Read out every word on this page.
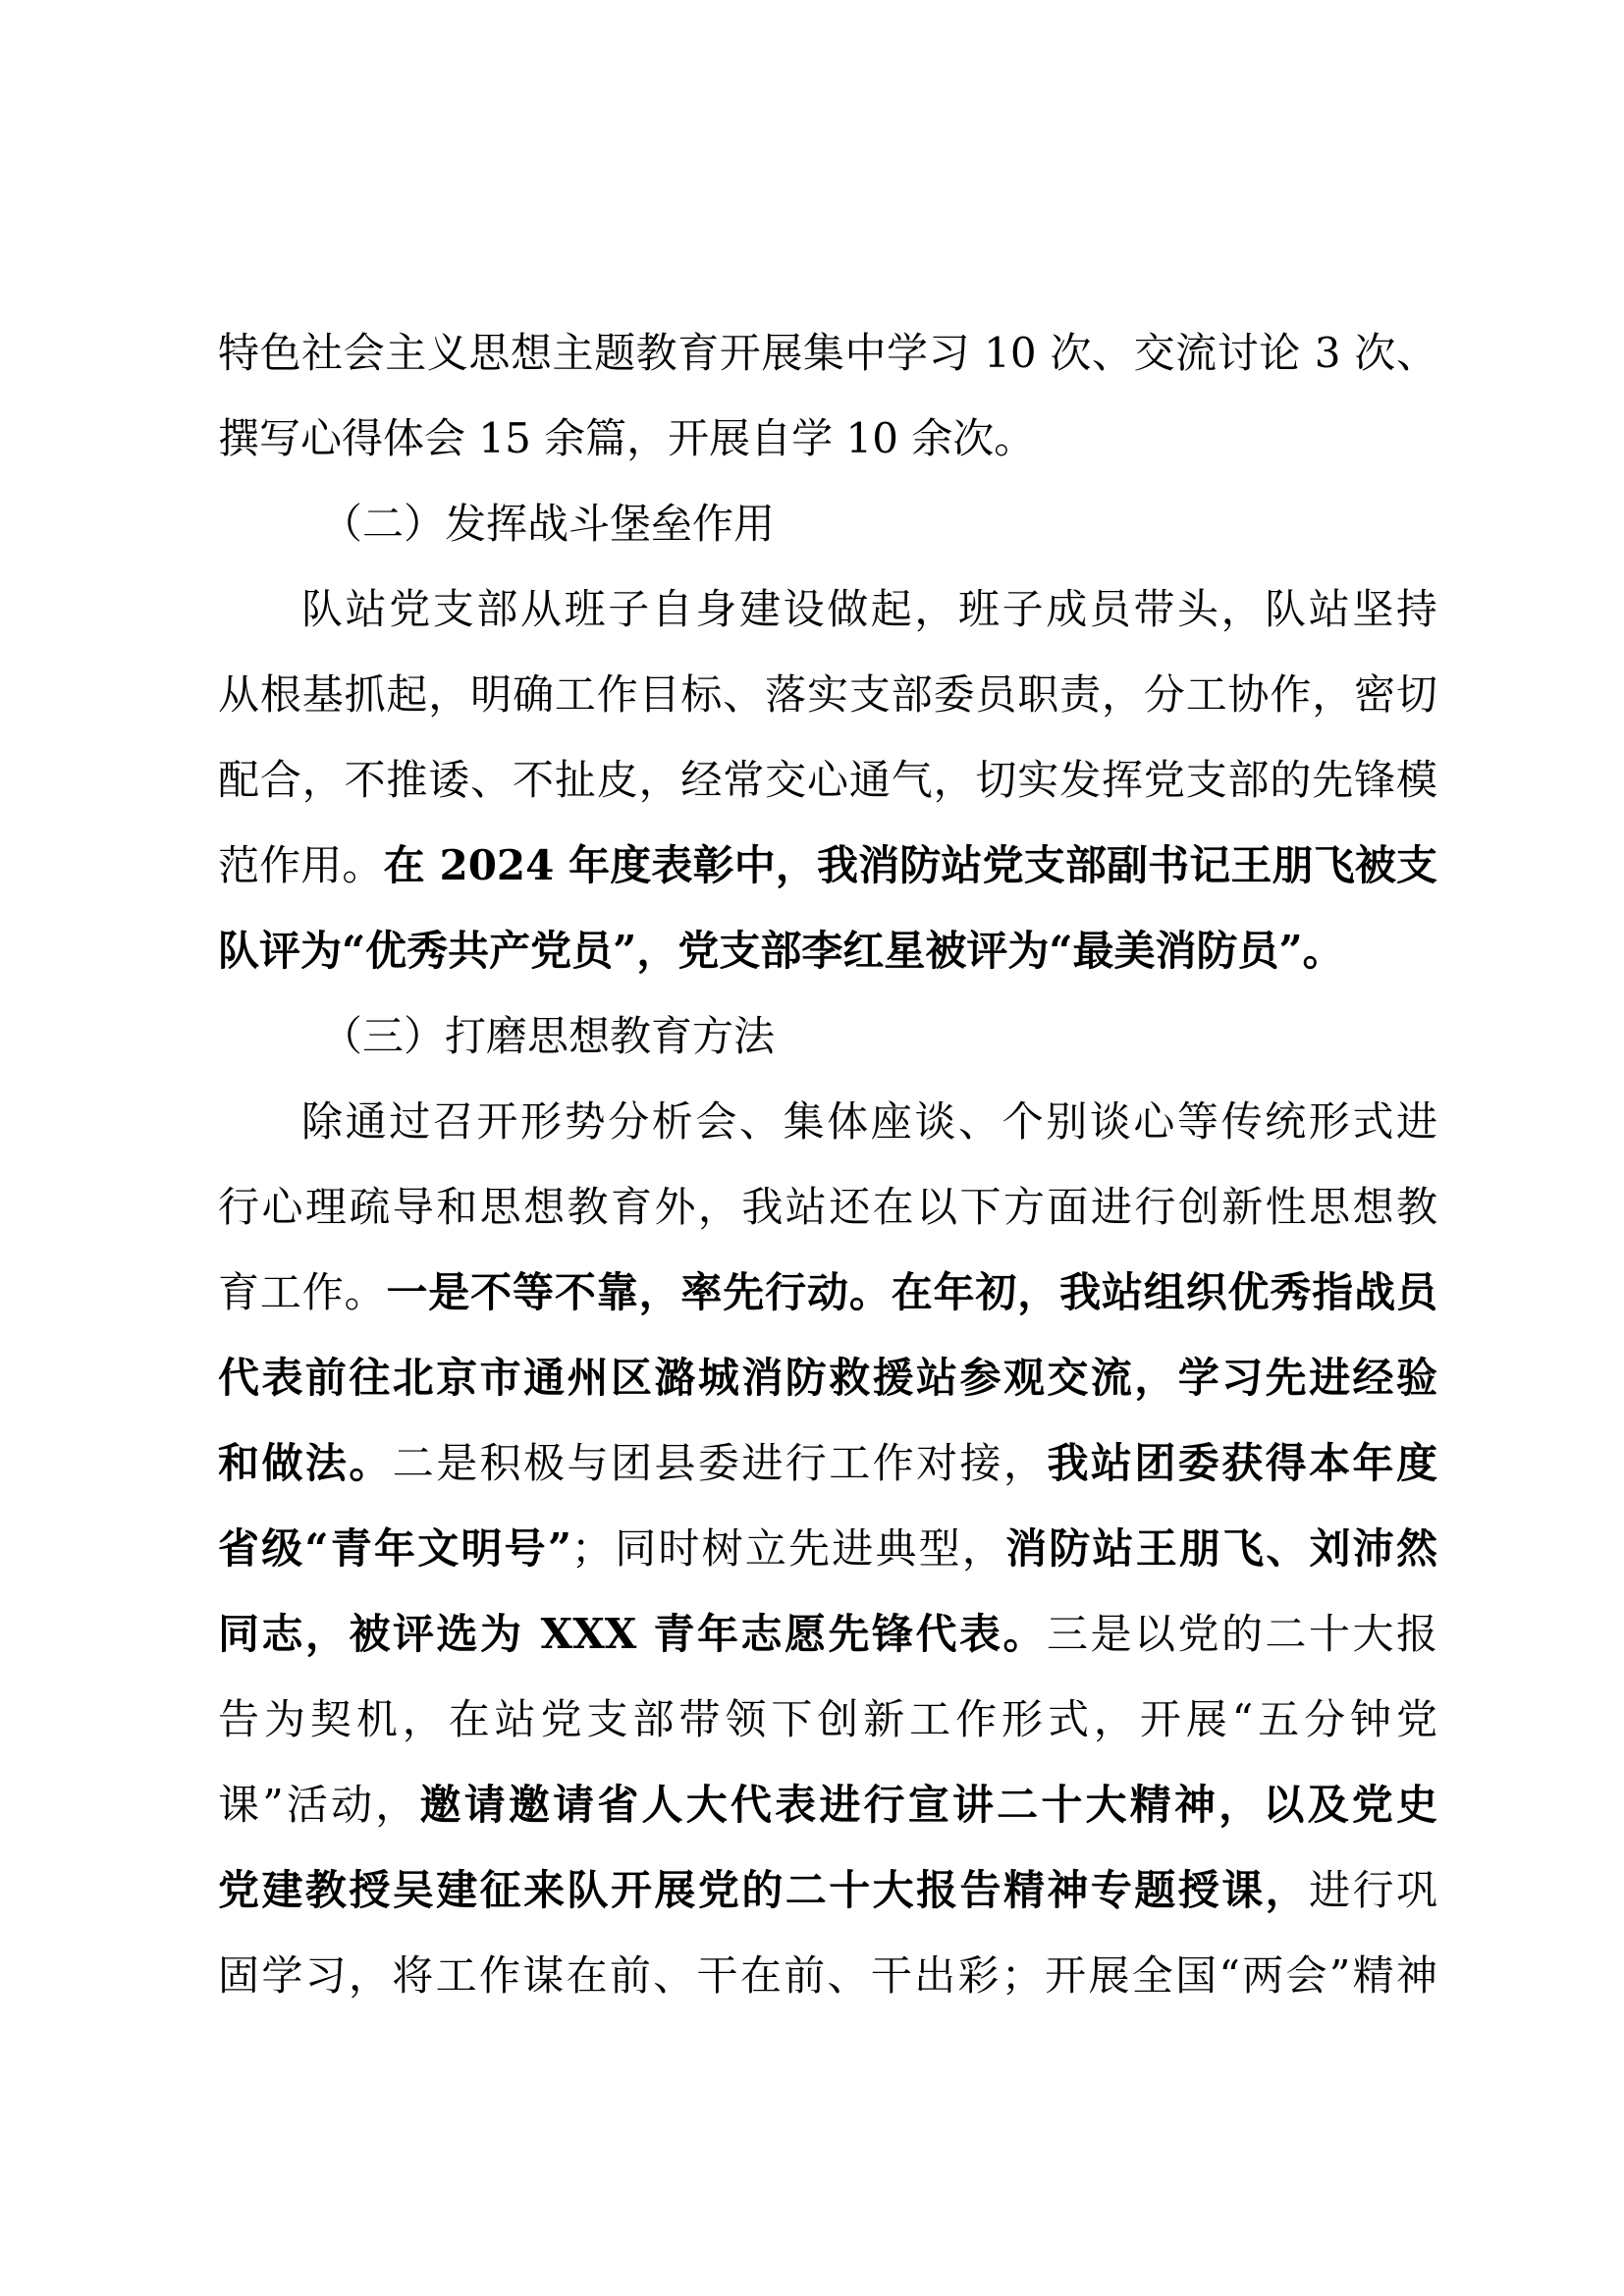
特色社会主义思想主题教育开展集中学习 10 次、交流讨论 3 次、
撰写心得体会 15 余篇，开展自学 10 余次。
（二）发挥战斗堡垒作用
队站党支部从班子自身建设做起，班子成员带头，队站坚持
从根基抓起，明确工作目标、落实支部委员职责，分工协作，密切
配合，不推诿、不扯皮，经常交心通气，切实发挥党支部的先锋模
范作用。在 2024 年度表彰中，我消防站党支部副书记王朋飞被支
队评为“优秀共产党员”，党支部李红星被评为“最美消防员”。
（三）打磨思想教育方法
除通过召开形势分析会、集体座谈、个别谈心等传统形式进
行心理疏导和思想教育外，我站还在以下方面进行创新性思想教
育工作。一是不等不靠，率先行动。在年初，我站组织优秀指战员
代表前往北京市通州区潞城消防救援站参观交流，学习先进经验
和做法。二是积极与团县委进行工作对接，我站团委获得本年度
省级“青年文明号”；同时树立先进典型，消防站王朋飞、刘沛然
同志，被评选为 XXX 青年志愿先锋代表。三是以党的二十大报
告为契机，在站党支部带领下创新工作形式，开展“五分钟党
课”活动，邀请邀请省人大代表进行宣讲二十大精神，以及党史
党建教授吴建征来队开展党的二十大报告精神专题授课，进行巩
固学习，将工作谋在前、干在前、干出彩；开展全国“两会”精神
